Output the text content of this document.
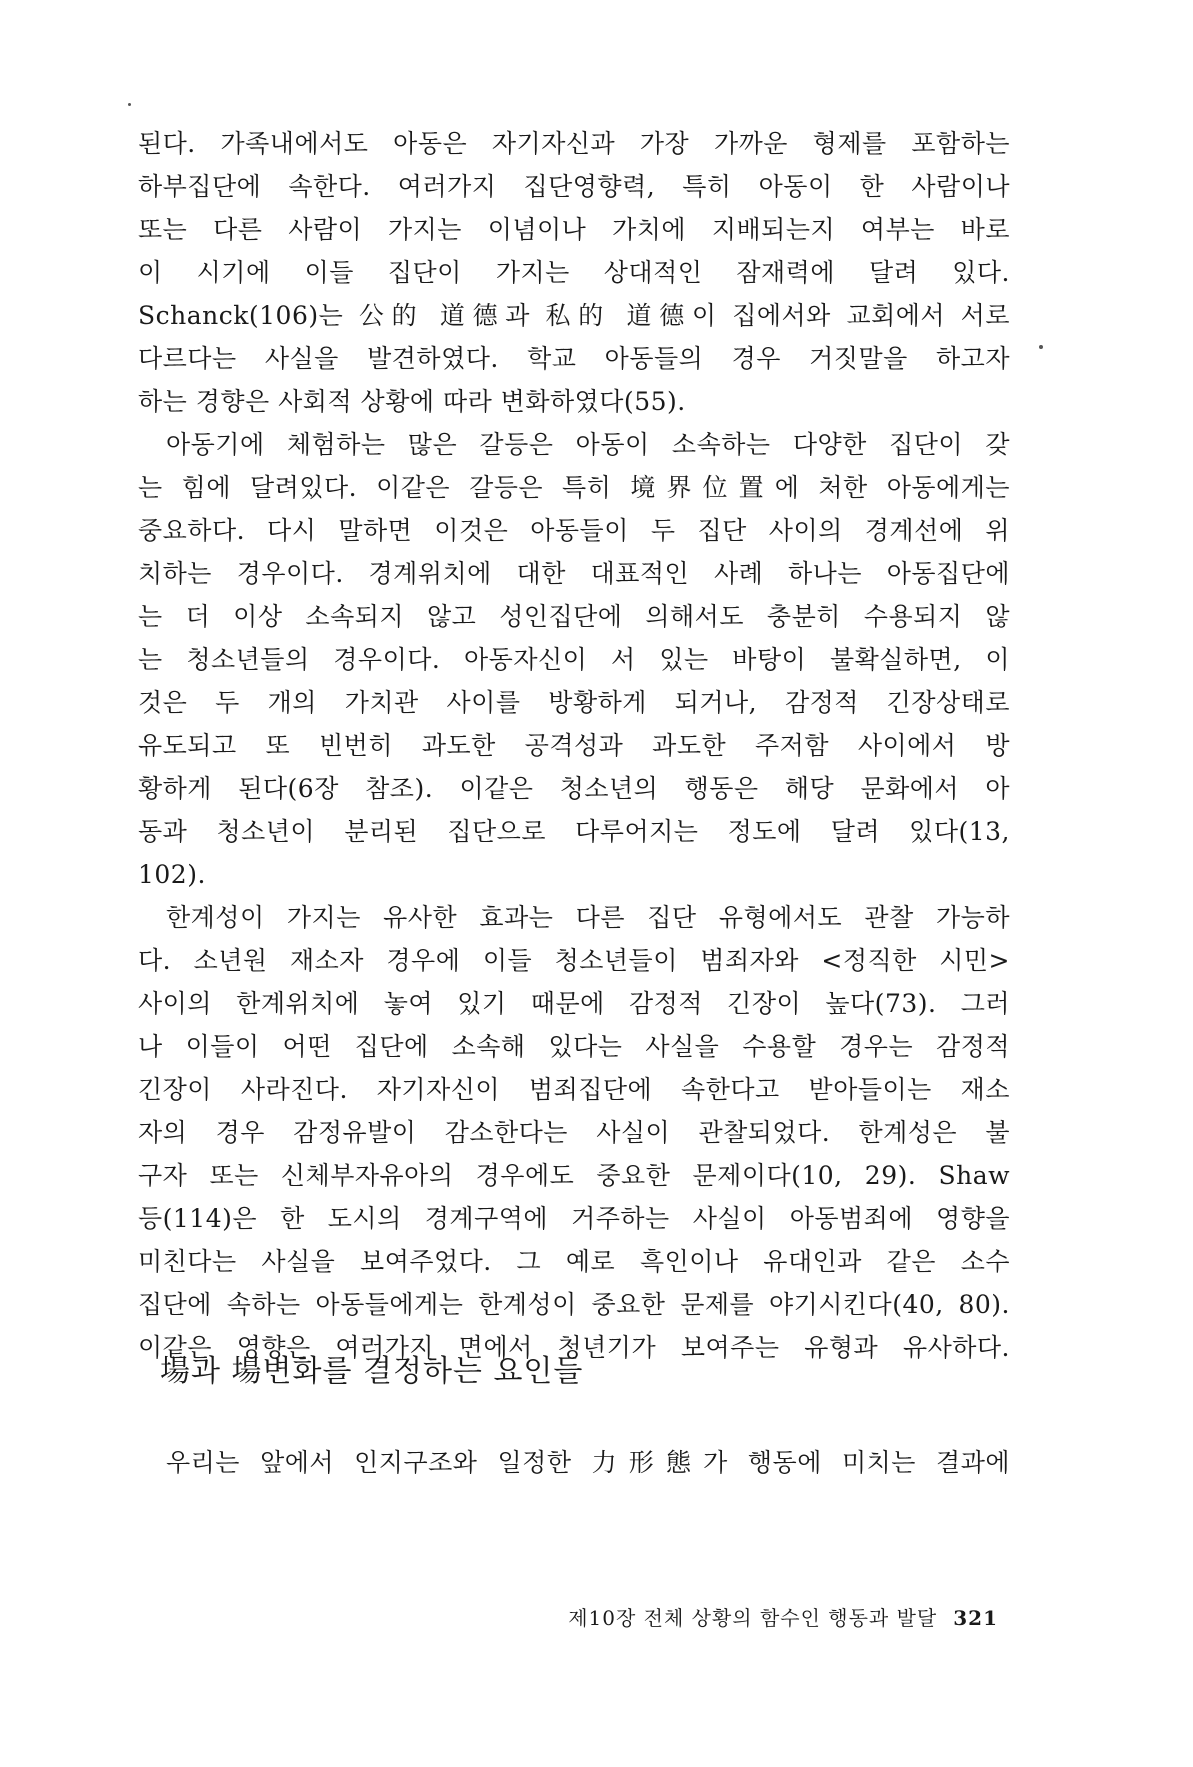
된다. 가족내에서도 아동은 자기자신과 가장 가까운 형제를 포함하는
하부집단에 속한다. 여러가지 집단영향력, 특히 아동이 한 사람이나
또는 다른 사람이 가지는 이념이나 가치에 지배되는지 여부는 바로
이 시기에 이들 집단이 가지는 상대적인 잠재력에 달려 있다.
Schanck(106)는 公的 道德과 私的 道德이 집에서와 교회에서 서로
다르다는 사실을 발견하였다. 학교 아동들의 경우 거짓말을 하고자
하는 경향은 사회적 상황에 따라 변화하였다(55).
아동기에 체험하는 많은 갈등은 아동이 소속하는 다양한 집단이 갖
는 힘에 달려있다. 이같은 갈등은 특히 境界位置에 처한 아동에게는
중요하다. 다시 말하면 이것은 아동들이 두 집단 사이의 경계선에 위
치하는 경우이다. 경계위치에 대한 대표적인 사례 하나는 아동집단에
는 더 이상 소속되지 않고 성인집단에 의해서도 충분히 수용되지 않
는 청소년들의 경우이다. 아동자신이 서 있는 바탕이 불확실하면, 이
것은 두 개의 가치관 사이를 방황하게 되거나, 감정적 긴장상태로
유도되고 또 빈번히 과도한 공격성과 과도한 주저함 사이에서 방
황하게 된다(6장 참조). 이같은 청소년의 행동은 해당 문화에서 아
동과 청소년이 분리된 집단으로 다루어지는 정도에 달려 있다(13,
102).
한계성이 가지는 유사한 효과는 다른 집단 유형에서도 관찰 가능하
다. 소년원 재소자 경우에 이들 청소년들이 범죄자와 <정직한 시민>
사이의 한계위치에 놓여 있기 때문에 감정적 긴장이 높다(73). 그러
나 이들이 어떤 집단에 소속해 있다는 사실을 수용할 경우는 감정적
긴장이 사라진다. 자기자신이 범죄집단에 속한다고 받아들이는 재소
자의 경우 감정유발이 감소한다는 사실이 관찰되었다. 한계성은 불
구자 또는 신체부자유아의 경우에도 중요한 문제이다(10, 29). Shaw
등(114)은 한 도시의 경계구역에 거주하는 사실이 아동범죄에 영향을
미친다는 사실을 보여주었다. 그 예로 흑인이나 유대인과 같은 소수
집단에 속하는 아동들에게는 한계성이 중요한 문제를 야기시킨다(40, 80).
이같은 영향은 여러가지 면에서 청년기가 보여주는 유형과 유사하다.
場과 場변화를 결정하는 요인들
우리는 앞에서 인지구조와 일정한 力形態가 행동에 미치는 결과에
제10장 전체 상황의 함수인 행동과 발달 321
